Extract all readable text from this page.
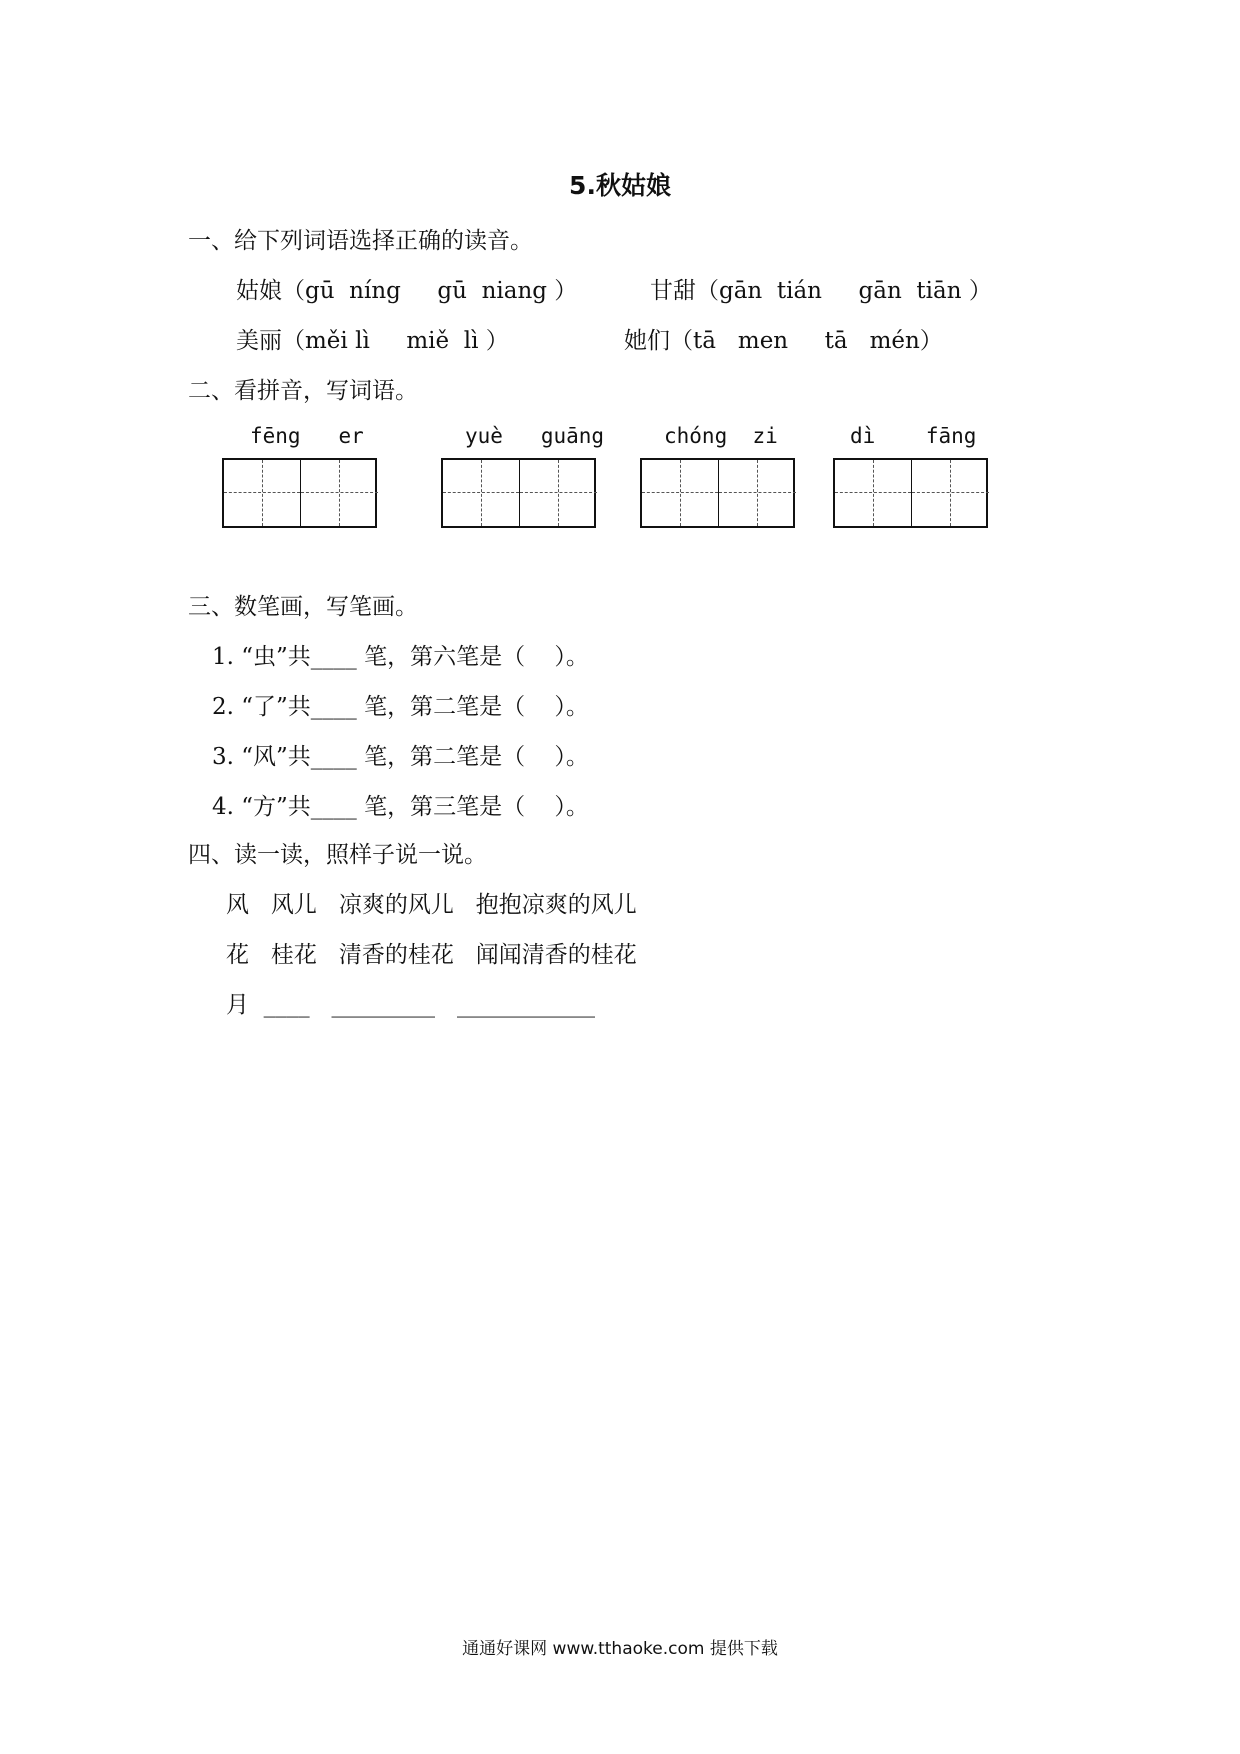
5.秋姑娘
一、给下列词语选择正确的读音。
姑娘（gū  níng     gū  niang ）	甘甜（gān  tián     gān  tiān ）
美丽（měi lì     miě  lì ）	她们（tā   men     tā   mén）
二、看拼音，写词语。
fēng   er	yuè   guāng	chóng  zi	dì    fāng
三、数笔画，写笔画。
1. “虫”共____ 笔，第六笔是（    ）。
2. “了”共____ 笔，第二笔是（    ）。
3. “风”共____ 笔，第二笔是（    ）。
4. “方”共____ 笔，第三笔是（    ）。
四、读一读，照样子说一说。
风   风儿   凉爽的风儿   抱抱凉爽的风儿
花   桂花   清香的桂花   闻闻清香的桂花
月  ____   _________   ____________
通通好课网 www.tthaoke.com 提供下载
